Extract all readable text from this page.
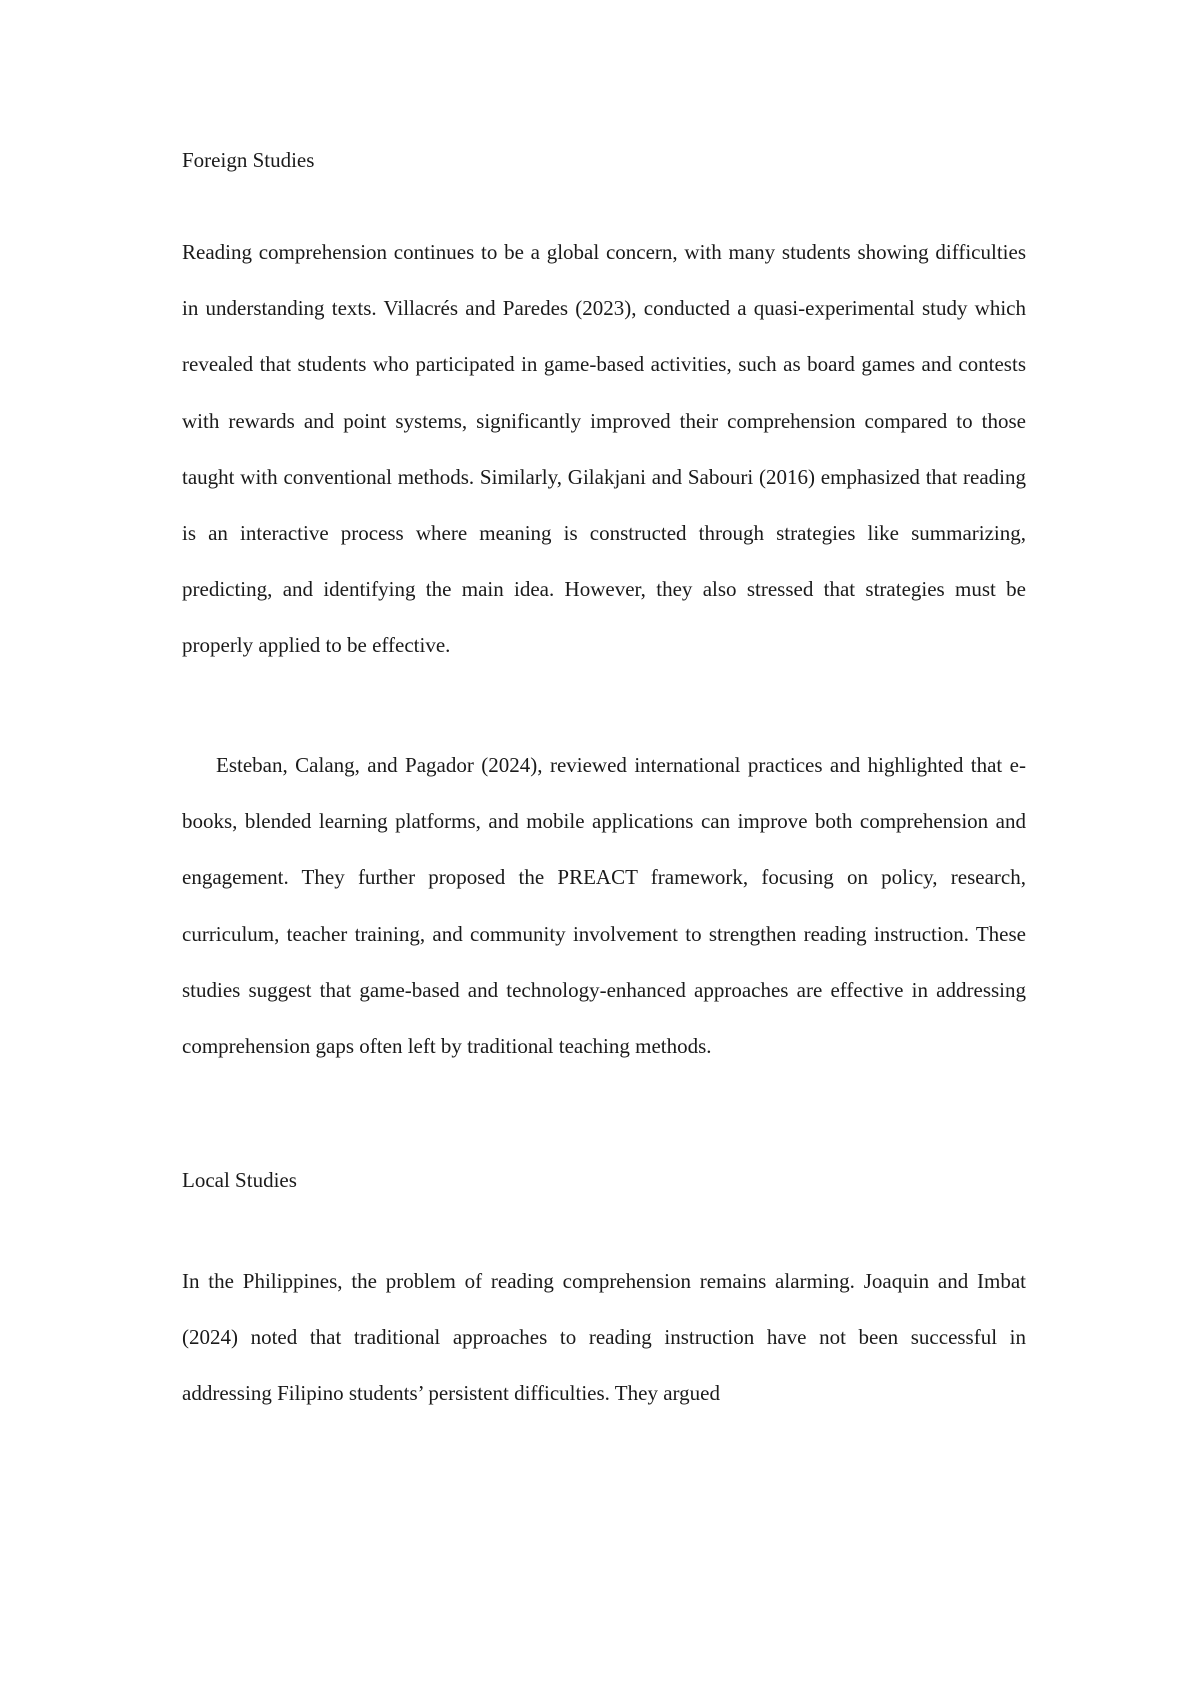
Foreign Studies

Reading comprehension continues to be a global concern, with many students showing difficulties in understanding texts. Villacrés and Paredes (2023), conducted a quasi-experimental study which revealed that students who participated in game-based activities, such as board games and contests with rewards and point systems, significantly improved their comprehension compared to those taught with conventional methods. Similarly, Gilakjani and Sabouri (2016) emphasized that reading is an interactive process where meaning is constructed through strategies like summarizing, predicting, and identifying the main idea. However, they also stressed that strategies must be properly applied to be effective.

Esteban, Calang, and Pagador (2024), reviewed international practices and highlighted that e-books, blended learning platforms, and mobile applications can improve both comprehension and engagement. They further proposed the PREACT framework, focusing on policy, research, curriculum, teacher training, and community involvement to strengthen reading instruction. These studies suggest that game-based and technology-enhanced approaches are effective in addressing comprehension gaps often left by traditional teaching methods.

Local Studies

In the Philippines, the problem of reading comprehension remains alarming. Joaquin and Imbat (2024) noted that traditional approaches to reading instruction have not been successful in addressing Filipino students’ persistent difficulties. They argued
